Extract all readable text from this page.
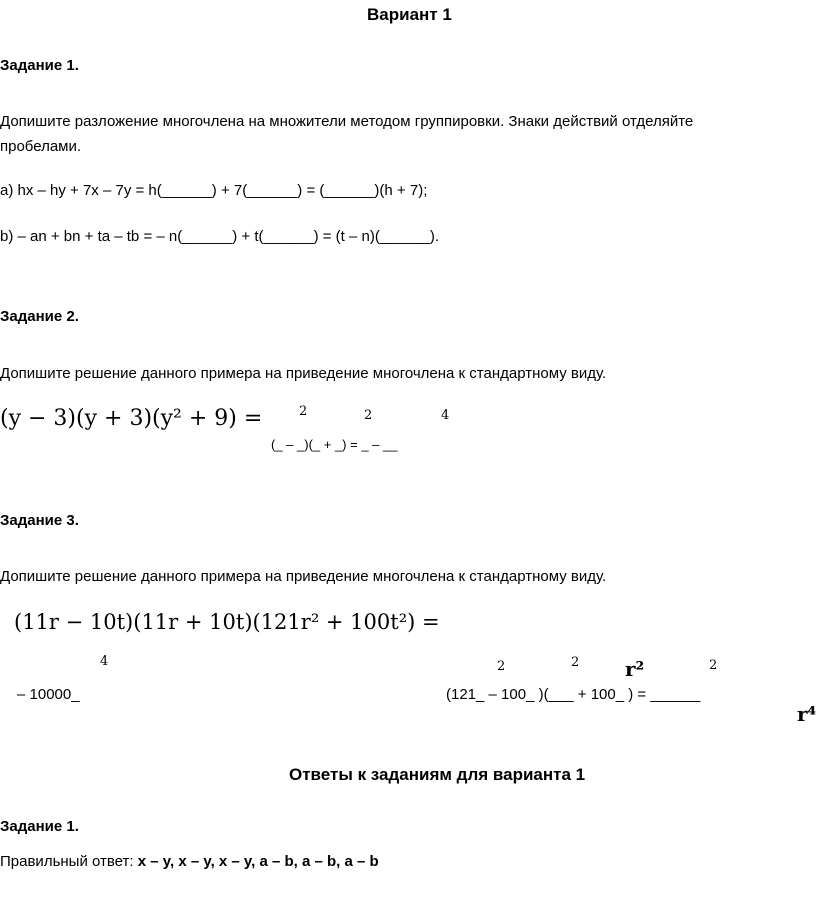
Вариант 1
Задание 1.
Допишите разложение многочлена на множители методом группировки. Знаки действий отделяйте
пробелами.
a) hx – hy + 7x – 7y = h(______) + 7(______) = (______)(h + 7);
b) – an + bn + ta – tb = – n(______) + t(______) = (t – n)(______).
Задание 2.
Допишите решение данного примера на приведение многочлена к стандартному виду.
(y − 3)(y + 3)(y² + 9) =	2	2	4
(_ – _)(_ + _) = _ – __
Задание 3.
Допишите решение данного примера на приведение многочлена к стандартному виду.
(11r − 10t)(11r + 10t)(121r² + 100t²) =
4
– 10000_
2	2 r²	2
(121_ – 100_ )(___ + 100_ ) = ______
r⁴
Ответы к заданиям для варианта 1
Задание 1.
Правильный ответ: x – y, x – y, x – y, a – b, a – b, a – b
